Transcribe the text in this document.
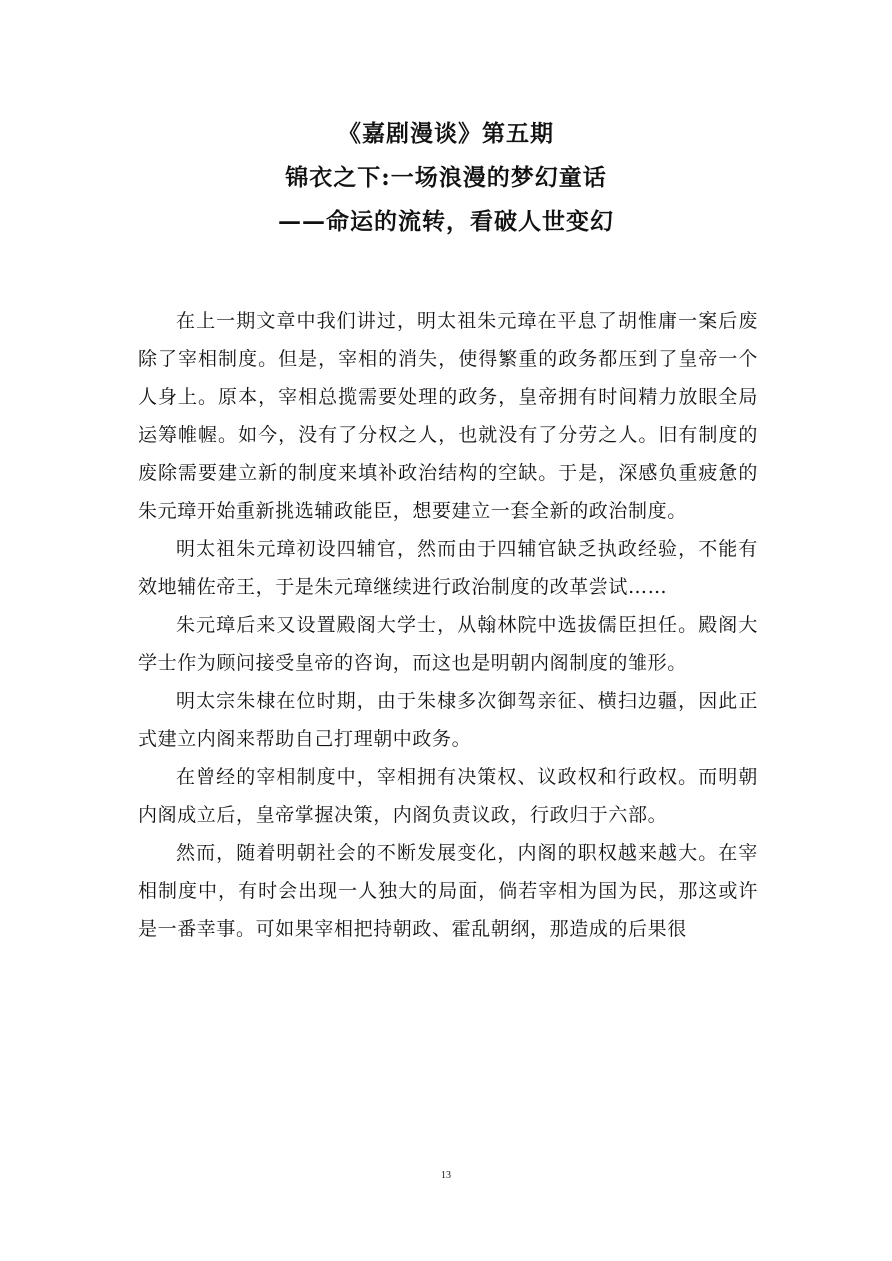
《嘉剧漫谈》第五期
锦衣之下:一场浪漫的梦幻童话
——命运的流转，看破人世变幻

在上一期文章中我们讲过，明太祖朱元璋在平息了胡惟庸一案后废除了宰相制度。但是，宰相的消失，使得繁重的政务都压到了皇帝一个人身上。原本，宰相总揽需要处理的政务，皇帝拥有时间精力放眼全局运筹帷幄。如今，没有了分权之人，也就没有了分劳之人。旧有制度的废除需要建立新的制度来填补政治结构的空缺。于是，深感负重疲惫的朱元璋开始重新挑选辅政能臣，想要建立一套全新的政治制度。

明太祖朱元璋初设四辅官，然而由于四辅官缺乏执政经验，不能有效地辅佐帝王，于是朱元璋继续进行政治制度的改革尝试……

朱元璋后来又设置殿阁大学士，从翰林院中选拔儒臣担任。殿阁大学士作为顾问接受皇帝的咨询，而这也是明朝内阁制度的雏形。

明太宗朱棣在位时期，由于朱棣多次御驾亲征、横扫边疆，因此正式建立内阁来帮助自己打理朝中政务。

在曾经的宰相制度中，宰相拥有决策权、议政权和行政权。而明朝内阁成立后，皇帝掌握决策，内阁负责议政，行政归于六部。

然而，随着明朝社会的不断发展变化，内阁的职权越来越大。在宰相制度中，有时会出现一人独大的局面，倘若宰相为国为民，那这或许是一番幸事。可如果宰相把持朝政、霍乱朝纲，那造成的后果很

13
